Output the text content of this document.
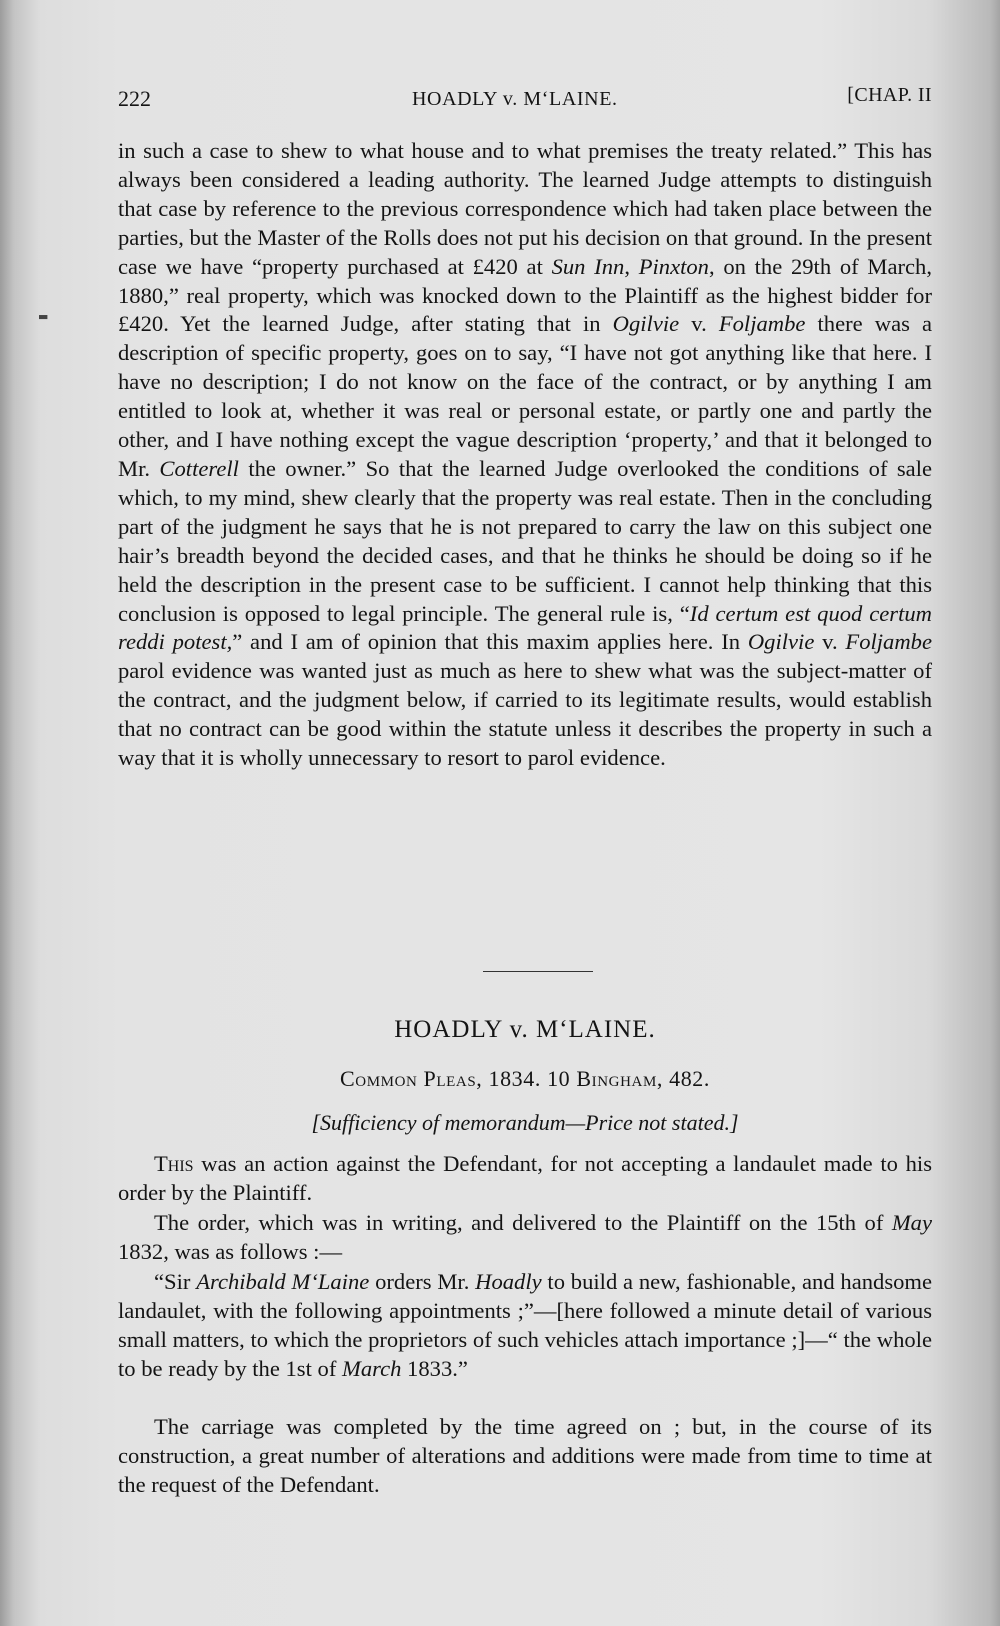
222	HOADLY v. M‘LAINE.	[CHAP. II
▬
in such a case to shew to what house and to what premises the treaty related.” This has always been considered a leading authority. The learned Judge attempts to distinguish that case by reference to the previous correspondence which had taken place between the parties, but the Master of the Rolls does not put his decision on that ground. In the present case we have “property purchased at £420 at Sun Inn, Pinxton, on the 29th of March, 1880,” real property, which was knocked down to the Plaintiff as the highest bidder for £420. Yet the learned Judge, after stating that in Ogilvie v. Foljambe there was a description of specific property, goes on to say, “I have not got anything like that here. I have no description; I do not know on the face of the contract, or by anything I am entitled to look at, whether it was real or personal estate, or partly one and partly the other, and I have nothing except the vague description ‘property,’ and that it belonged to Mr. Cotterell the owner.” So that the learned Judge overlooked the conditions of sale which, to my mind, shew clearly that the property was real estate. Then in the concluding part of the judgment he says that he is not prepared to carry the law on this subject one hair’s breadth beyond the decided cases, and that he thinks he should be doing so if he held the description in the present case to be sufficient. I cannot help thinking that this conclusion is opposed to legal principle. The general rule is, “Id certum est quod certum reddi potest,” and I am of opinion that this maxim applies here. In Ogilvie v. Foljambe parol evidence was wanted just as much as here to shew what was the subject-matter of the contract, and the judgment below, if carried to its legitimate results, would establish that no contract can be good within the statute unless it describes the property in such a way that it is wholly unnecessary to resort to parol evidence.
HOADLY v. M‘LAINE.
Common Pleas, 1834. 10 Bingham, 482.
[Sufficiency of memorandum—Price not stated.]
This was an action against the Defendant, for not accepting a landaulet made to his order by the Plaintiff.
The order, which was in writing, and delivered to the Plaintiff on the 15th of May 1832, was as follows :—
“Sir Archibald M‘Laine orders Mr. Hoadly to build a new, fashionable, and handsome landaulet, with the following appointments ;”—[here followed a minute detail of various small matters, to which the proprietors of such vehicles attach importance ;]—“ the whole to be ready by the 1st of March 1833.”
The carriage was completed by the time agreed on ; but, in the course of its construction, a great number of alterations and additions were made from time to time at the request of the Defendant.
